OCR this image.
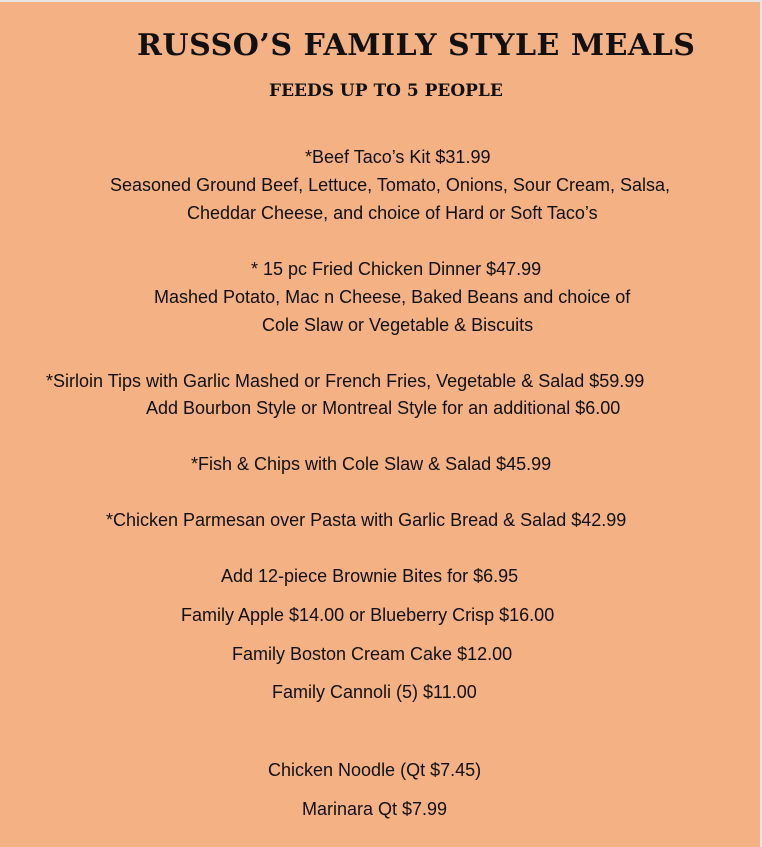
RUSSO’S FAMILY STYLE MEALS
FEEDS UP TO 5 PEOPLE
*Beef Taco’s Kit $31.99
Seasoned Ground Beef, Lettuce, Tomato, Onions, Sour Cream, Salsa,
Cheddar Cheese, and choice of Hard or Soft Taco’s
* 15 pc Fried Chicken Dinner $47.99
Mashed Potato, Mac n Cheese, Baked Beans and choice of
Cole Slaw or Vegetable & Biscuits
*Sirloin Tips with Garlic Mashed or French Fries, Vegetable & Salad $59.99
Add Bourbon Style or Montreal Style for an additional $6.00
*Fish & Chips with Cole Slaw & Salad $45.99
*Chicken Parmesan over Pasta with Garlic Bread & Salad $42.99
Add 12-piece Brownie Bites for $6.95
Family Apple $14.00 or Blueberry Crisp $16.00
Family Boston Cream Cake $12.00
Family Cannoli (5) $11.00
Chicken Noodle (Qt $7.45)
Marinara Qt $7.99
